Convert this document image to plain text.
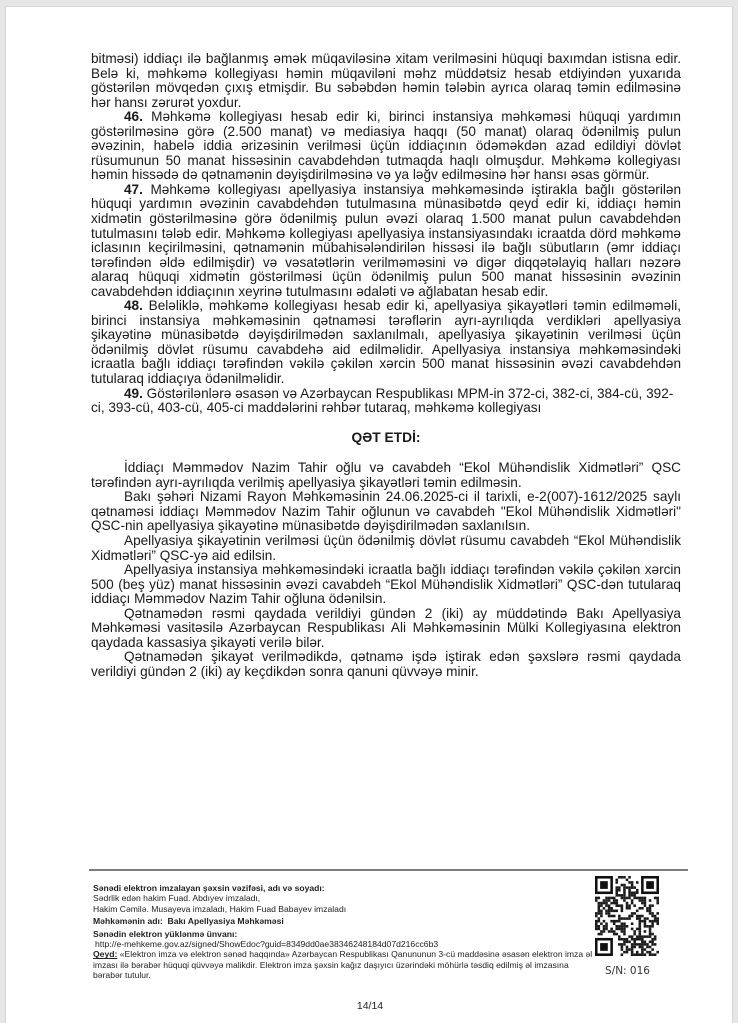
bitməsi) iddiaçı ilə bağlanmış əmək müqaviləsinə xitam verilməsini hüquqi baxımdan istisna edir. Belə ki, məhkəmə kollegiyası həmin müqaviləni məhz müddətsiz hesab etdiyindən yuxarıda göstərilən mövqedən çıxış etmişdir. Bu səbəbdən həmin tələbin ayrıca olaraq təmin edilməsinə hər hansı zərurət yoxdur.

46. Məhkəmə kollegiyası hesab edir ki, birinci instansiya məhkəməsi hüquqi yardımın göstərilməsinə görə (2.500 manat) və mediasiya haqqı (50 manat) olaraq ödənilmiş pulun əvəzinin, habelə iddia ərizəsinin verilməsi üçün iddiaçının ödəməkdən azad edildiyi dövlət rüsumunun 50 manat hissəsinin cavabdehdən tutmaqda haqlı olmuşdur. Məhkəmə kollegiyası həmin hissədə də qətnamənin dəyişdirilməsinə və ya ləğv edilməsinə hər hansı əsas görmür.

47. Məhkəmə kollegiyası apellyasiya instansiya məhkəməsində iştirakla bağlı göstərilən hüquqi yardımın əvəzinin cavabdehdən tutulmasına münasibətdə qeyd edir ki, iddiaçı həmin xidmətin göstərilməsinə görə ödənilmiş pulun əvəzi olaraq 1.500 manat pulun cavabdehdən tutulmasını tələb edir. Məhkəmə kollegiyası apellyasiya instansiyasındakı icraatda dörd məhkəmə iclasının keçirilməsini, qətnamənin mübahisələndirilən hissəsi ilə bağlı sübutların (əmr iddiaçı tərəfindən əldə edilmişdir) və vəsatətlərin verilməməsini və digər diqqətəlayiq halları nəzərə alaraq hüquqi xidmətin göstərilməsi üçün ödənilmiş pulun 500 manat hissəsinin əvəzinin cavabdehdən iddiaçının xeyrinə tutulmasını ədaləti və ağlabatan hesab edir.

48. Beləliklə, məhkəmə kollegiyası hesab edir ki, apellyasiya şikayətləri təmin edilməməli, birinci instansiya məhkəməsinin qətnaməsi tərəflərin ayrı-ayrılıqda verdikləri apellyasiya şikayətinə münasibətdə dəyişdirilmədən saxlanılmalı, apellyasiya şikayətinin verilməsi üçün ödənilmiş dövlət rüsumu cavabdehə aid edilməlidir. Apellyasiya instansiya məhkəməsindəki icraatla bağlı iddiaçı tərəfindən vəkilə çəkilən xərcin 500 manat hissəsinin əvəzi cavabdehdən tutularaq iddiaçıya ödənilməlidir.

49. Göstərilənlərə əsasən və Azərbaycan Respublikası MPM-in 372-ci, 382-ci, 384-cü, 392-ci, 393-cü, 403-cü, 405-ci maddələrini rəhbər tutaraq, məhkəmə kollegiyası

QƏT ETDİ:

İddiaçı Məmmədov Nazim Tahir oğlu və cavabdeh “Ekol Mühəndislik Xidmətləri” QSC tərəfindən ayrı-ayrılıqda verilmiş apellyasiya şikayətləri təmin edilməsin.

Bakı şəhəri Nizami Rayon Məhkəməsinin 24.06.2025-ci il tarixli, e-2(007)-1612/2025 saylı qətnaməsi iddiaçı Məmmədov Nazim Tahir oğlunun və cavabdeh "Ekol Mühəndislik Xidmətləri" QSC-nin apellyasiya şikayətinə münasibətdə dəyişdirilmədən saxlanılsın.

Apellyasiya şikayətinin verilməsi üçün ödənilmiş dövlət rüsumu cavabdeh “Ekol Mühəndislik Xidmətləri” QSC-yə aid edilsin.

Apellyasiya instansiya məhkəməsindəki icraatla bağlı iddiaçı tərəfindən vəkilə çəkilən xərcin 500 (beş yüz) manat hissəsinin əvəzi cavabdeh “Ekol Mühəndislik Xidmətləri” QSC-dən tutularaq iddiaçı Məmmədov Nazim Tahir oğluna ödənilsin.

Qətnamədən rəsmi qaydada verildiyi gündən 2 (iki) ay müddətində Bakı Apellyasiya Məhkəməsi vasitəsilə Azərbaycan Respublikası Ali Məhkəməsinin Mülki Kollegiyasına elektron qaydada kassasiya şikayəti verilə bilər.

Qətnamədən şikayət verilmədikdə, qətnamə işdə iştirak edən şəxslərə rəsmi qaydada verildiyi gündən 2 (iki) ay keçdikdən sonra qanuni qüvvəyə minir.

Sənədi elektron imzalayan şəxsin vəzifəsi, adı və soyadı:
Sədrlik edən hakim Fuad. Abdıyev imzaladı,
Hakim Cəmilə. Musayeva imzaladı, Hakim Fuad Babayev imzaladı
Məhkəmənin adı: Bakı Apellyasiya Məhkəməsi
Sənədin elektron yüklənmə ünvanı:
http://e-mehkeme.gov.az/signed/ShowEdoc?guid=8349dd0ae38346248184d07d216cc6b3
Qeyd: «Elektron imza və elektron sənəd haqqında» Azərbaycan Respublikası Qanununun 3-cü maddəsinə əsasən elektron imza əl imzası ilə bərabər hüquqi qüvvəyə malikdir. Elektron imza şəxsin kağız daşıyıcı üzərindəki möhürlə təsdiq edilmiş əl imzasına bərabər tutulur.	S/N: 016
14/14
